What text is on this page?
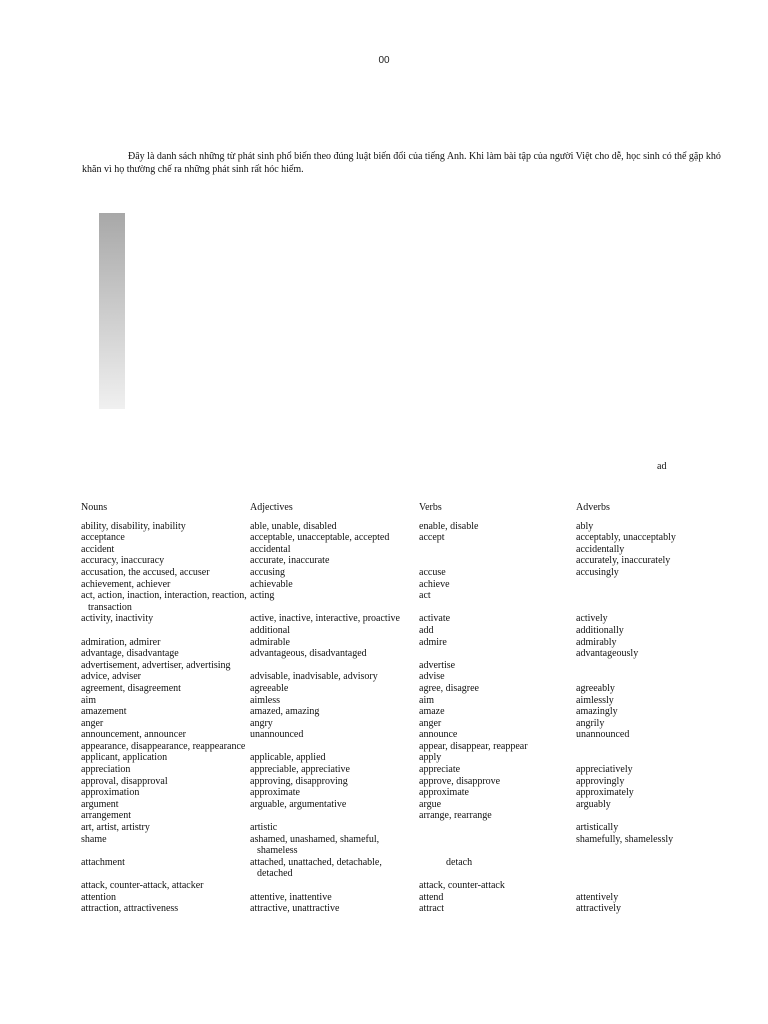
00

Đây là danh sách những từ phát sinh phổ biến theo đúng luật biến đổi của tiếng Anh. Khi làm bài tập của người Việt cho dễ, học sinh có thể gặp khó khăn vì họ thường chế ra những phát sinh rất hóc hiểm.

ad
Nouns	Adjectives	Verbs	Adverbs

ability, disability, inability	able, unable, disabled	enable, disable	ably

acceptance	acceptable, unacceptable, accepted	accept	acceptably, unacceptably

accident	accidental		accidentally

accuracy, inaccuracy	accurate, inaccurate		accurately, inaccurately

accusation, the accused, accuser	accusing	accuse	accusingly

achievement, achiever	achievable	achieve	

act, action, inaction, interaction, reaction, transaction	acting	act	

activity, inactivity	active, inactive, interactive, proactive	activate	actively

	additional	add	additionally

admiration, admirer	admirable	admire	admirably

advantage, disadvantage	advantageous, disadvantaged		advantageously

advertisement, advertiser, advertising		advertise	

advice, adviser	advisable, inadvisable, advisory	advise	

agreement, disagreement	agreeable	agree, disagree	agreeably

aim	aimless	aim	aimlessly

amazement	amazed, amazing	amaze	amazingly

anger	angry	anger	angrily

announcement, announcer	unannounced	announce	unannounced

appearance, disappearance, reappearance		appear, disappear, reappear	

applicant, application	applicable, applied	apply	

appreciation	appreciable, appreciative	appreciate	appreciatively

approval, disapproval	approving, disapproving	approve, disapprove	approvingly

approximation	approximate	approximate	approximately

argument	arguable, argumentative	argue	arguably

arrangement		arrange, rearrange	

art, artist, artistry	artistic		artistically

shame	ashamed, unashamed, shameful, shameless		shamefully, shamelessly

attachment	attached, unattached, detachable, detached	detach	

attack, counter-attack, attacker		attack, counter-attack	

attention	attentive, inattentive	attend	attentively

attraction, attractiveness	attractive, unattractive	attract	attractively
